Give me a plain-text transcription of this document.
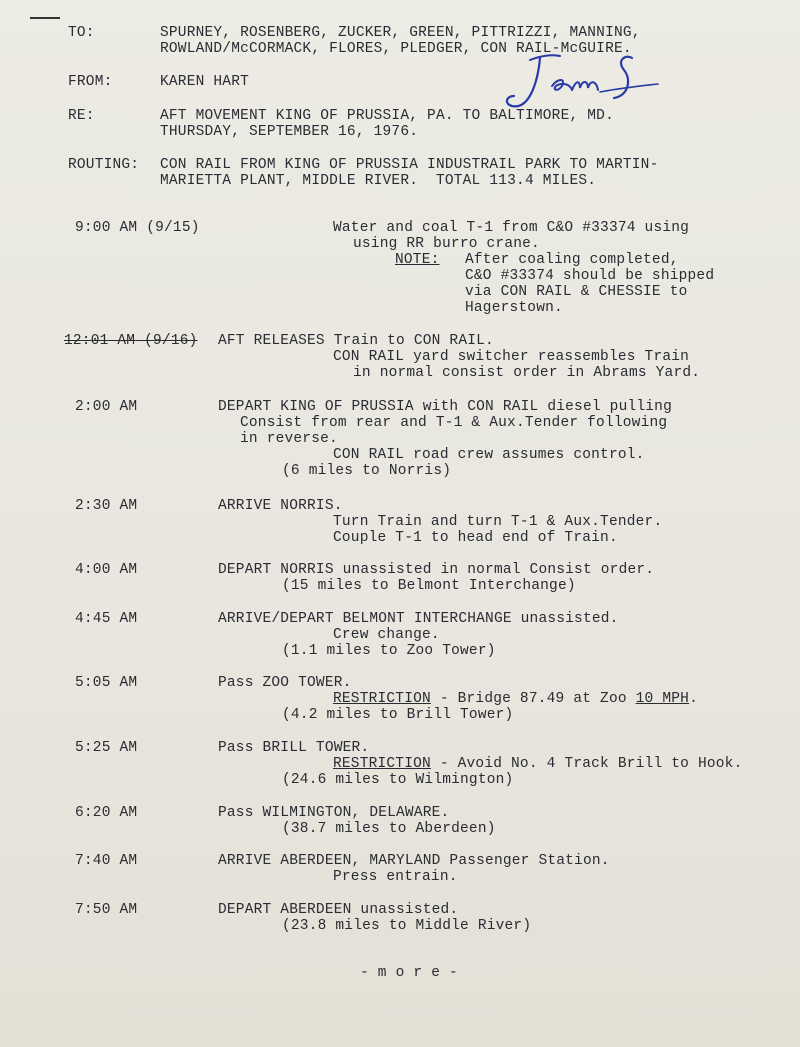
TO:	SPURNEY, ROSENBERG, ZUCKER, GREEN, PITTRIZZI, MANNING,
ROWLAND/McCORMACK, FLORES, PLEDGER, CON RAIL-McGUIRE.
FROM:	KAREN HART
RE:	AFT MOVEMENT KING OF PRUSSIA, PA. TO BALTIMORE, MD.
THURSDAY, SEPTEMBER 16, 1976.
ROUTING: CON RAIL FROM KING OF PRUSSIA INDUSTRAIL PARK TO MARTIN-
MARIETTA PLANT, MIDDLE RIVER.  TOTAL 113.4 MILES.
9:00 AM (9/15)	Water and coal T-1 from C&O #33374 using
using RR burro crane.
NOTE: After coaling completed,
C&O #33374 should be shipped
via CON RAIL & CHESSIE to
Hagerstown.
12:01 AM (9/16) AFT RELEASES Train to CON RAIL.
CON RAIL yard switcher reassembles Train
in normal consist order in Abrams Yard.
2:00 AM	DEPART KING OF PRUSSIA with CON RAIL diesel pulling
Consist from rear and T-1 & Aux.Tender following
in reverse.
CON RAIL road crew assumes control.
(6 miles to Norris)
2:30 AM	ARRIVE NORRIS.
Turn Train and turn T-1 & Aux.Tender.
Couple T-1 to head end of Train.
4:00 AM	DEPART NORRIS unassisted in normal Consist order.
(15 miles to Belmont Interchange)
4:45 AM	ARRIVE/DEPART BELMONT INTERCHANGE unassisted.
Crew change.
(1.1 miles to Zoo Tower)
5:05 AM	Pass ZOO TOWER.
RESTRICTION - Bridge 87.49 at Zoo 10 MPH.
(4.2 miles to Brill Tower)
5:25 AM	Pass BRILL TOWER.
RESTRICTION - Avoid No. 4 Track Brill to Hook.
(24.6 miles to Wilmington)
6:20 AM	Pass WILMINGTON, DELAWARE.
(38.7 miles to Aberdeen)
7:40 AM	ARRIVE ABERDEEN, MARYLAND Passenger Station.
Press entrain.
7:50 AM	DEPART ABERDEEN unassisted.
(23.8 miles to Middle River)
- m o r e -
